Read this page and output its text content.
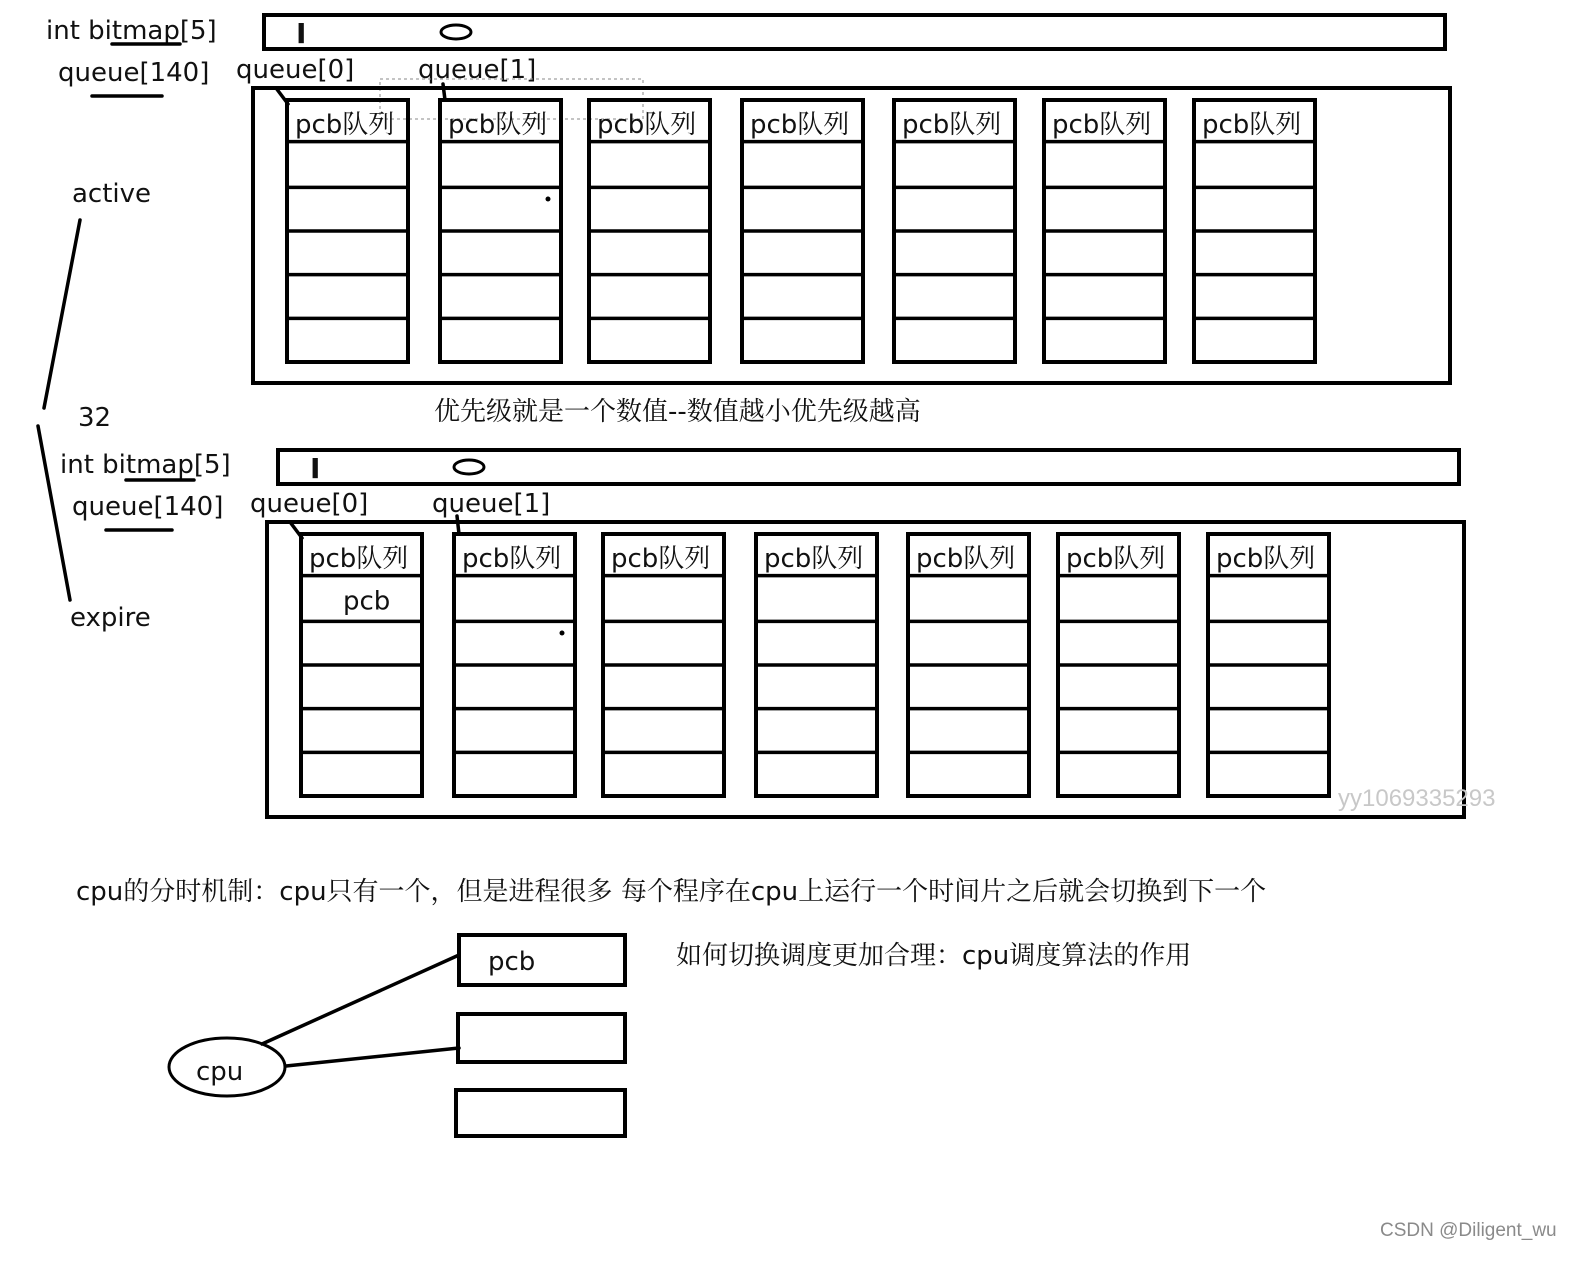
int bitmap[5]	I
queue[140] queue[0] queue[1]
pcb队列 pcb队列 pcb队列 pcb队列 pcb队列 pcb队列 pcb队列
active
32
expire
优先级就是一个数值--数值越小优先级越高
int bitmap[5]	I
queue[140] queue[0] queue[1]
pcb队列
pcb
pcb队列 pcb队列 pcb队列 pcb队列 pcb队列 pcb队列
yy1069335293
cpu的分时机制：cpu只有一个，但是进程很多 每个程序在cpu上运行一个时间片之后就会切换到下一个
如何切换调度更加合理：cpu调度算法的作用
pcb
cpu
CSDN @Diligent_wu
